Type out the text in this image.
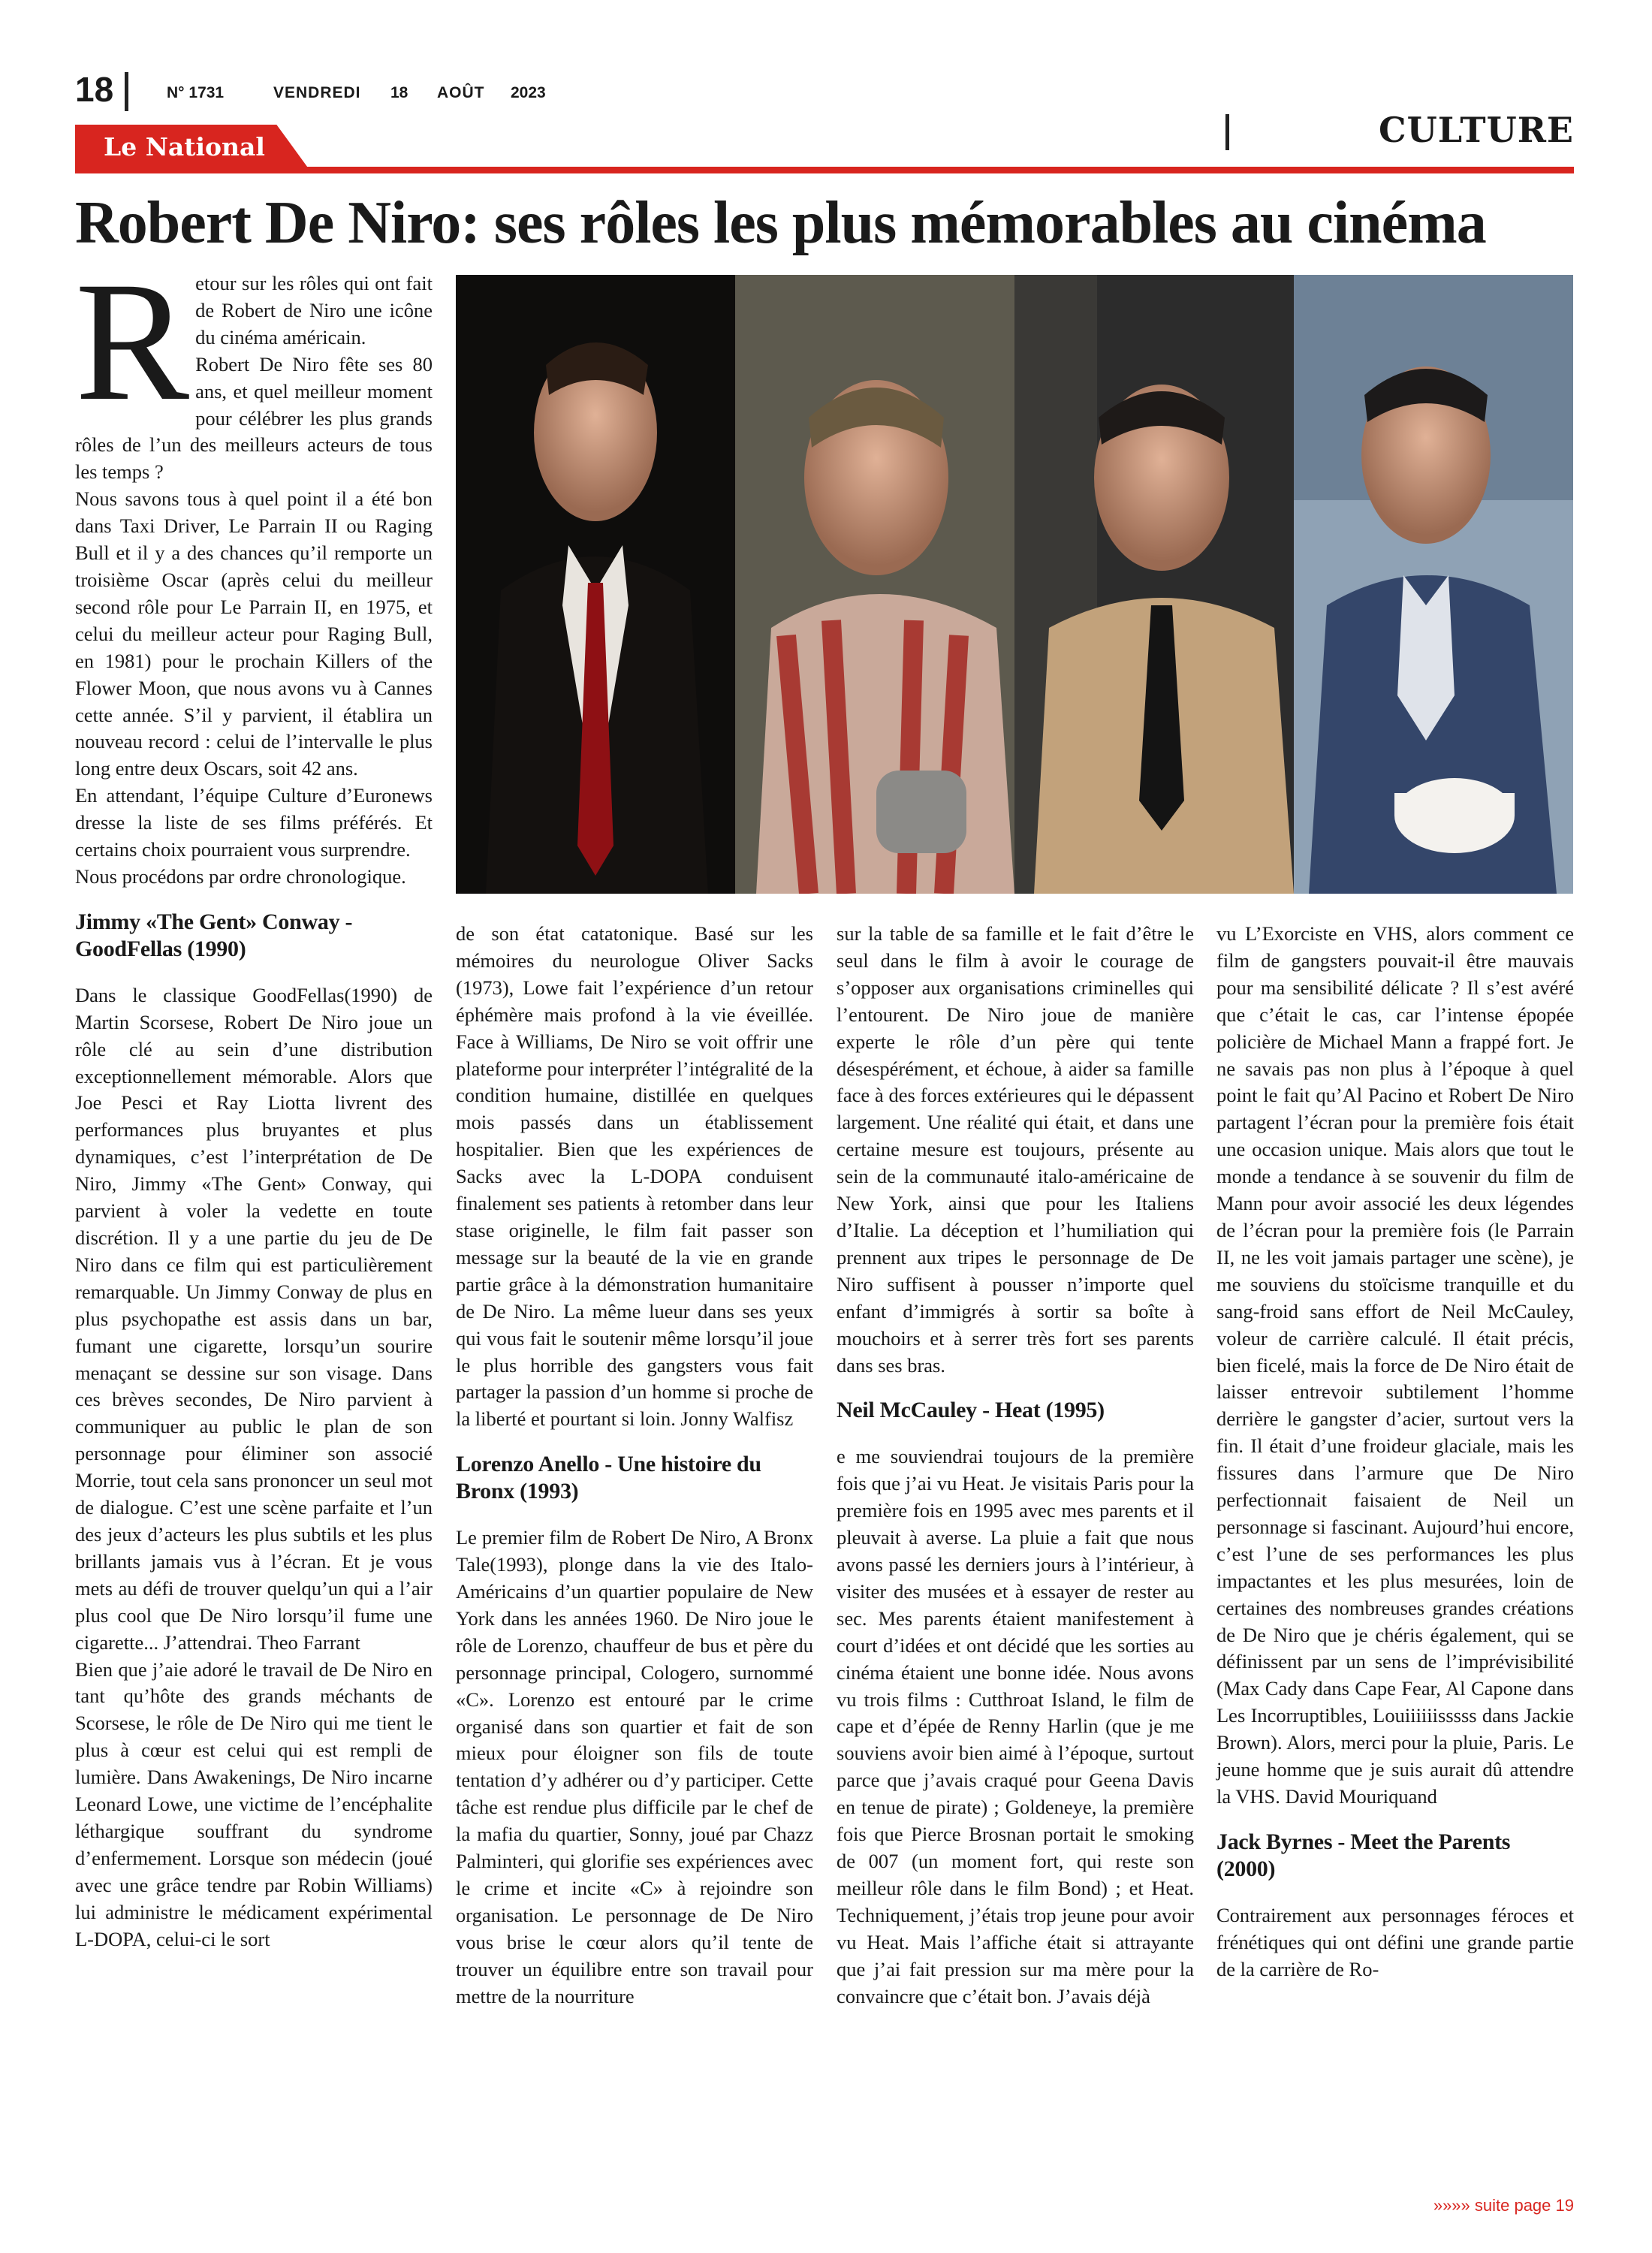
18	N° 1731	VENDREDI 18 AOÛT 2023
CULTURE
Le National
Robert De Niro: ses rôles les plus mémorables au cinéma
R etour sur les rôles qui ont fait de Robert de Niro une icône du cinéma américain.

Robert De Niro fête ses 80 ans, et quel meilleur moment pour célébrer les plus grands rôles de l’un des meilleurs acteurs de tous les temps ?

Nous savons tous à quel point il a été bon dans Taxi Driver, Le Parrain II ou Raging Bull et il y a des chances qu’il remporte un troisième Oscar (après celui du meilleur second rôle pour Le Parrain II, en 1975, et celui du meilleur acteur pour Raging Bull, en 1981) pour le prochain Killers of the Flower Moon, que nous avons vu à Cannes cette année. S’il y parvient, il établira un nouveau record : celui de l’intervalle le plus long entre deux Oscars, soit 42 ans.

En attendant, l’équipe Culture d’Euronews dresse la liste de ses films préférés. Et certains choix pourraient vous surprendre.

Nous procédons par ordre chronologique.

Jimmy «The Gent» Conway - GoodFellas (1990)

Dans le classique GoodFellas(1990) de Martin Scorsese, Robert De Niro joue un rôle clé au sein d’une distribution exceptionnellement mémorable. Alors que Joe Pesci et Ray Liotta livrent des performances plus bruyantes et plus dynamiques, c’est l’interprétation de De Niro, Jimmy «The Gent» Conway, qui parvient à voler la vedette en toute discrétion. Il y a une partie du jeu de De Niro dans ce film qui est particulièrement remarquable. Un Jimmy Conway de plus en plus psychopathe est assis dans un bar, fumant une cigarette, lorsqu’un sourire menaçant se dessine sur son visage. Dans ces brèves secondes, De Niro parvient à communiquer au public le plan de son personnage pour éliminer son associé Morrie, tout cela sans prononcer un seul mot de dialogue. C’est une scène parfaite et l’un des jeux d’acteurs les plus subtils et les plus brillants jamais vus à l’écran. Et je vous mets au défi de trouver quelqu’un qui a l’air plus cool que De Niro lorsqu’il fume une cigarette... J’attendrai. Theo Farrant

Bien que j’aie adoré le travail de De Niro en tant qu’hôte des grands méchants de Scorsese, le rôle de De Niro qui me tient le plus à cœur est celui qui est rempli de lumière. Dans Awakenings, De Niro incarne Leonard Lowe, une victime de l’encéphalite léthargique souffrant du syndrome d’enfermement. Lorsque son médecin (joué avec une grâce tendre par Robin Williams) lui administre le médicament expérimental L-DOPA, celui-ci le sort

de son état catatonique. Basé sur les mémoires du neurologue Oliver Sacks (1973), Lowe fait l’expérience d’un retour éphémère mais profond à la vie éveillée. Face à Williams, De Niro se voit offrir une plateforme pour interpréter l’intégralité de la condition humaine, distillée en quelques mois passés dans un établissement hospitalier. Bien que les expériences de Sacks avec la L-DOPA conduisent finalement ses patients à retomber dans leur stase originelle, le film fait passer son message sur la beauté de la vie en grande partie grâce à la démonstration humanitaire de De Niro. La même lueur dans ses yeux qui vous fait le soutenir même lorsqu’il joue le plus horrible des gangsters vous fait partager la passion d’un homme si proche de la liberté et pourtant si loin. Jonny Walfisz

Lorenzo Anello - Une histoire du Bronx (1993)

Le premier film de Robert De Niro, A Bronx Tale(1993), plonge dans la vie des Italo-Américains d’un quartier populaire de New York dans les années 1960. De Niro joue le rôle de Lorenzo, chauffeur de bus et père du personnage principal, Cologero, surnommé «C». Lorenzo est entouré par le crime organisé dans son quartier et fait de son mieux pour éloigner son fils de toute tentation d’y adhérer ou d’y participer. Cette tâche est rendue plus difficile par le chef de la mafia du quartier, Sonny, joué par Chazz Palminteri, qui glorifie ses expériences avec le crime et incite «C» à rejoindre son organisation. Le personnage de De Niro vous brise le cœur alors qu’il tente de trouver un équilibre entre son travail pour mettre de la nourriture

sur la table de sa famille et le fait d’être le seul dans le film à avoir le courage de s’opposer aux organisations criminelles qui l’entourent. De Niro joue de manière experte le rôle d’un père qui tente désespérément, et échoue, à aider sa famille face à des forces extérieures qui le dépassent largement. Une réalité qui était, et dans une certaine mesure est toujours, présente au sein de la communauté italo-américaine de New York, ainsi que pour les Italiens d’Italie. La déception et l’humiliation qui prennent aux tripes le personnage de De Niro suffisent à pousser n’importe quel enfant d’immigrés à sortir sa boîte à mouchoirs et à serrer très fort ses parents dans ses bras.

Neil McCauley - Heat (1995)

e me souviendrai toujours de la première fois que j’ai vu Heat. Je visitais Paris pour la première fois en 1995 avec mes parents et il pleuvait à averse. La pluie a fait que nous avons passé les derniers jours à l’intérieur, à visiter des musées et à essayer de rester au sec. Mes parents étaient manifestement à court d’idées et ont décidé que les sorties au cinéma étaient une bonne idée. Nous avons vu trois films : Cutthroat Island, le film de cape et d’épée de Renny Harlin (que je me souviens avoir bien aimé à l’époque, surtout parce que j’avais craqué pour Geena Davis en tenue de pirate) ; Goldeneye, la première fois que Pierce Brosnan portait le smoking de 007 (un moment fort, qui reste son meilleur rôle dans le film Bond) ; et Heat. Techniquement, j’étais trop jeune pour avoir vu Heat. Mais l’affiche était si attrayante que j’ai fait pression sur ma mère pour la convaincre que c’était bon. J’avais déjà

vu L’Exorciste en VHS, alors comment ce film de gangsters pouvait-il être mauvais pour ma sensibilité délicate ? Il s’est avéré que c’était le cas, car l’intense épopée policière de Michael Mann a frappé fort. Je ne savais pas non plus à l’époque à quel point le fait qu’Al Pacino et Robert De Niro partagent l’écran pour la première fois était une occasion unique. Mais alors que tout le monde a tendance à se souvenir du film de Mann pour avoir associé les deux légendes de l’écran pour la première fois (le Parrain II, ne les voit jamais partager une scène), je me souviens du stoïcisme tranquille et du sang-froid sans effort de Neil McCauley, voleur de carrière calculé. Il était précis, bien ficelé, mais la force de De Niro était de laisser entrevoir subtilement l’homme derrière le gangster d’acier, surtout vers la fin. Il était d’une froideur glaciale, mais les fissures dans l’armure que De Niro perfectionnait faisaient de Neil un personnage si fascinant. Aujourd’hui encore, c’est l’une de ses performances les plus impactantes et les plus mesurées, loin de certaines des nombreuses grandes créations de De Niro que je chéris également, qui se définissent par un sens de l’imprévisibilité (Max Cady dans Cape Fear, Al Capone dans Les Incorruptibles, Louiiiiiisssss dans Jackie Brown). Alors, merci pour la pluie, Paris. Le jeune homme que je suis aurait dû attendre la VHS. David Mouriquand

Jack Byrnes - Meet the Parents (2000)

Contrairement aux personnages féroces et frénétiques qui ont défini une grande partie de la carrière de Ro-

»»»» suite page 19
